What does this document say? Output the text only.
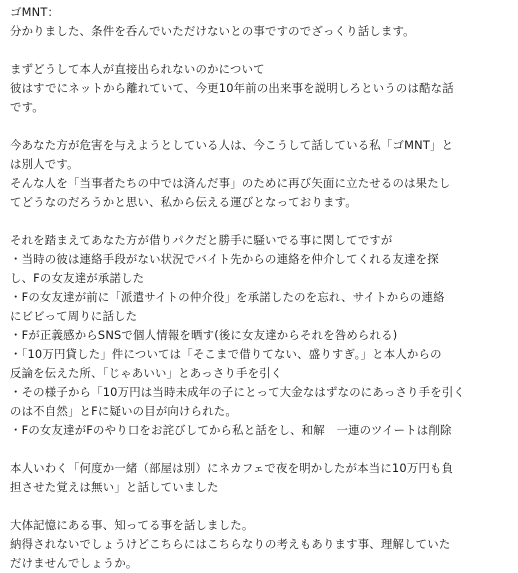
ゴMNT：
分かりました、条件を呑んでいただけないとの事ですのでざっくり話します。
まずどうして本人が直接出られないのかについて
彼はすでにネットから離れていて、今更10年前の出来事を説明しろというのは酷な話
です。
今あなた方が危害を与えようとしている人は、今こうして話している私「ゴMNT」と
は別人です。
そんな人を「当事者たちの中では済んだ事」のために再び矢面に立たせるのは果たし
てどうなのだろうかと思い、私から伝える運びとなっております。
それを踏まえてあなた方が借りパクだと勝手に騒いでる事に関してですが
・当時の彼は連絡手段がない状況でバイト先からの連絡を仲介してくれる友達を探
し、Fの女友達が承諾した
・Fの女友達が前に「派遣サイトの仲介役」を承諾したのを忘れ、サイトからの連絡
にビビって周りに話した
・Fが正義感からSNSで個人情報を晒す(後に女友達からそれを咎められる)
・「10万円貸した」件については「そこまで借りてない、盛りすぎ。」と本人からの
反論を伝えた所、「じゃあいい」とあっさり手を引く
・その様子から「10万円は当時未成年の子にとって大金なはずなのにあっさり手を引く
のは不自然」とFに疑いの目が向けられた。
・Fの女友達がFのやり口をお詫びしてから私と話をし、和解　一連のツイートは削除
本人いわく「何度か一緒（部屋は別）にネカフェで夜を明かしたが本当に10万円も負
担させた覚えは無い」と話していました
大体記憶にある事、知ってる事を話しました。
納得されないでしょうけどこちらにはこちらなりの考えもあります事、理解していた
だけませんでしょうか。
